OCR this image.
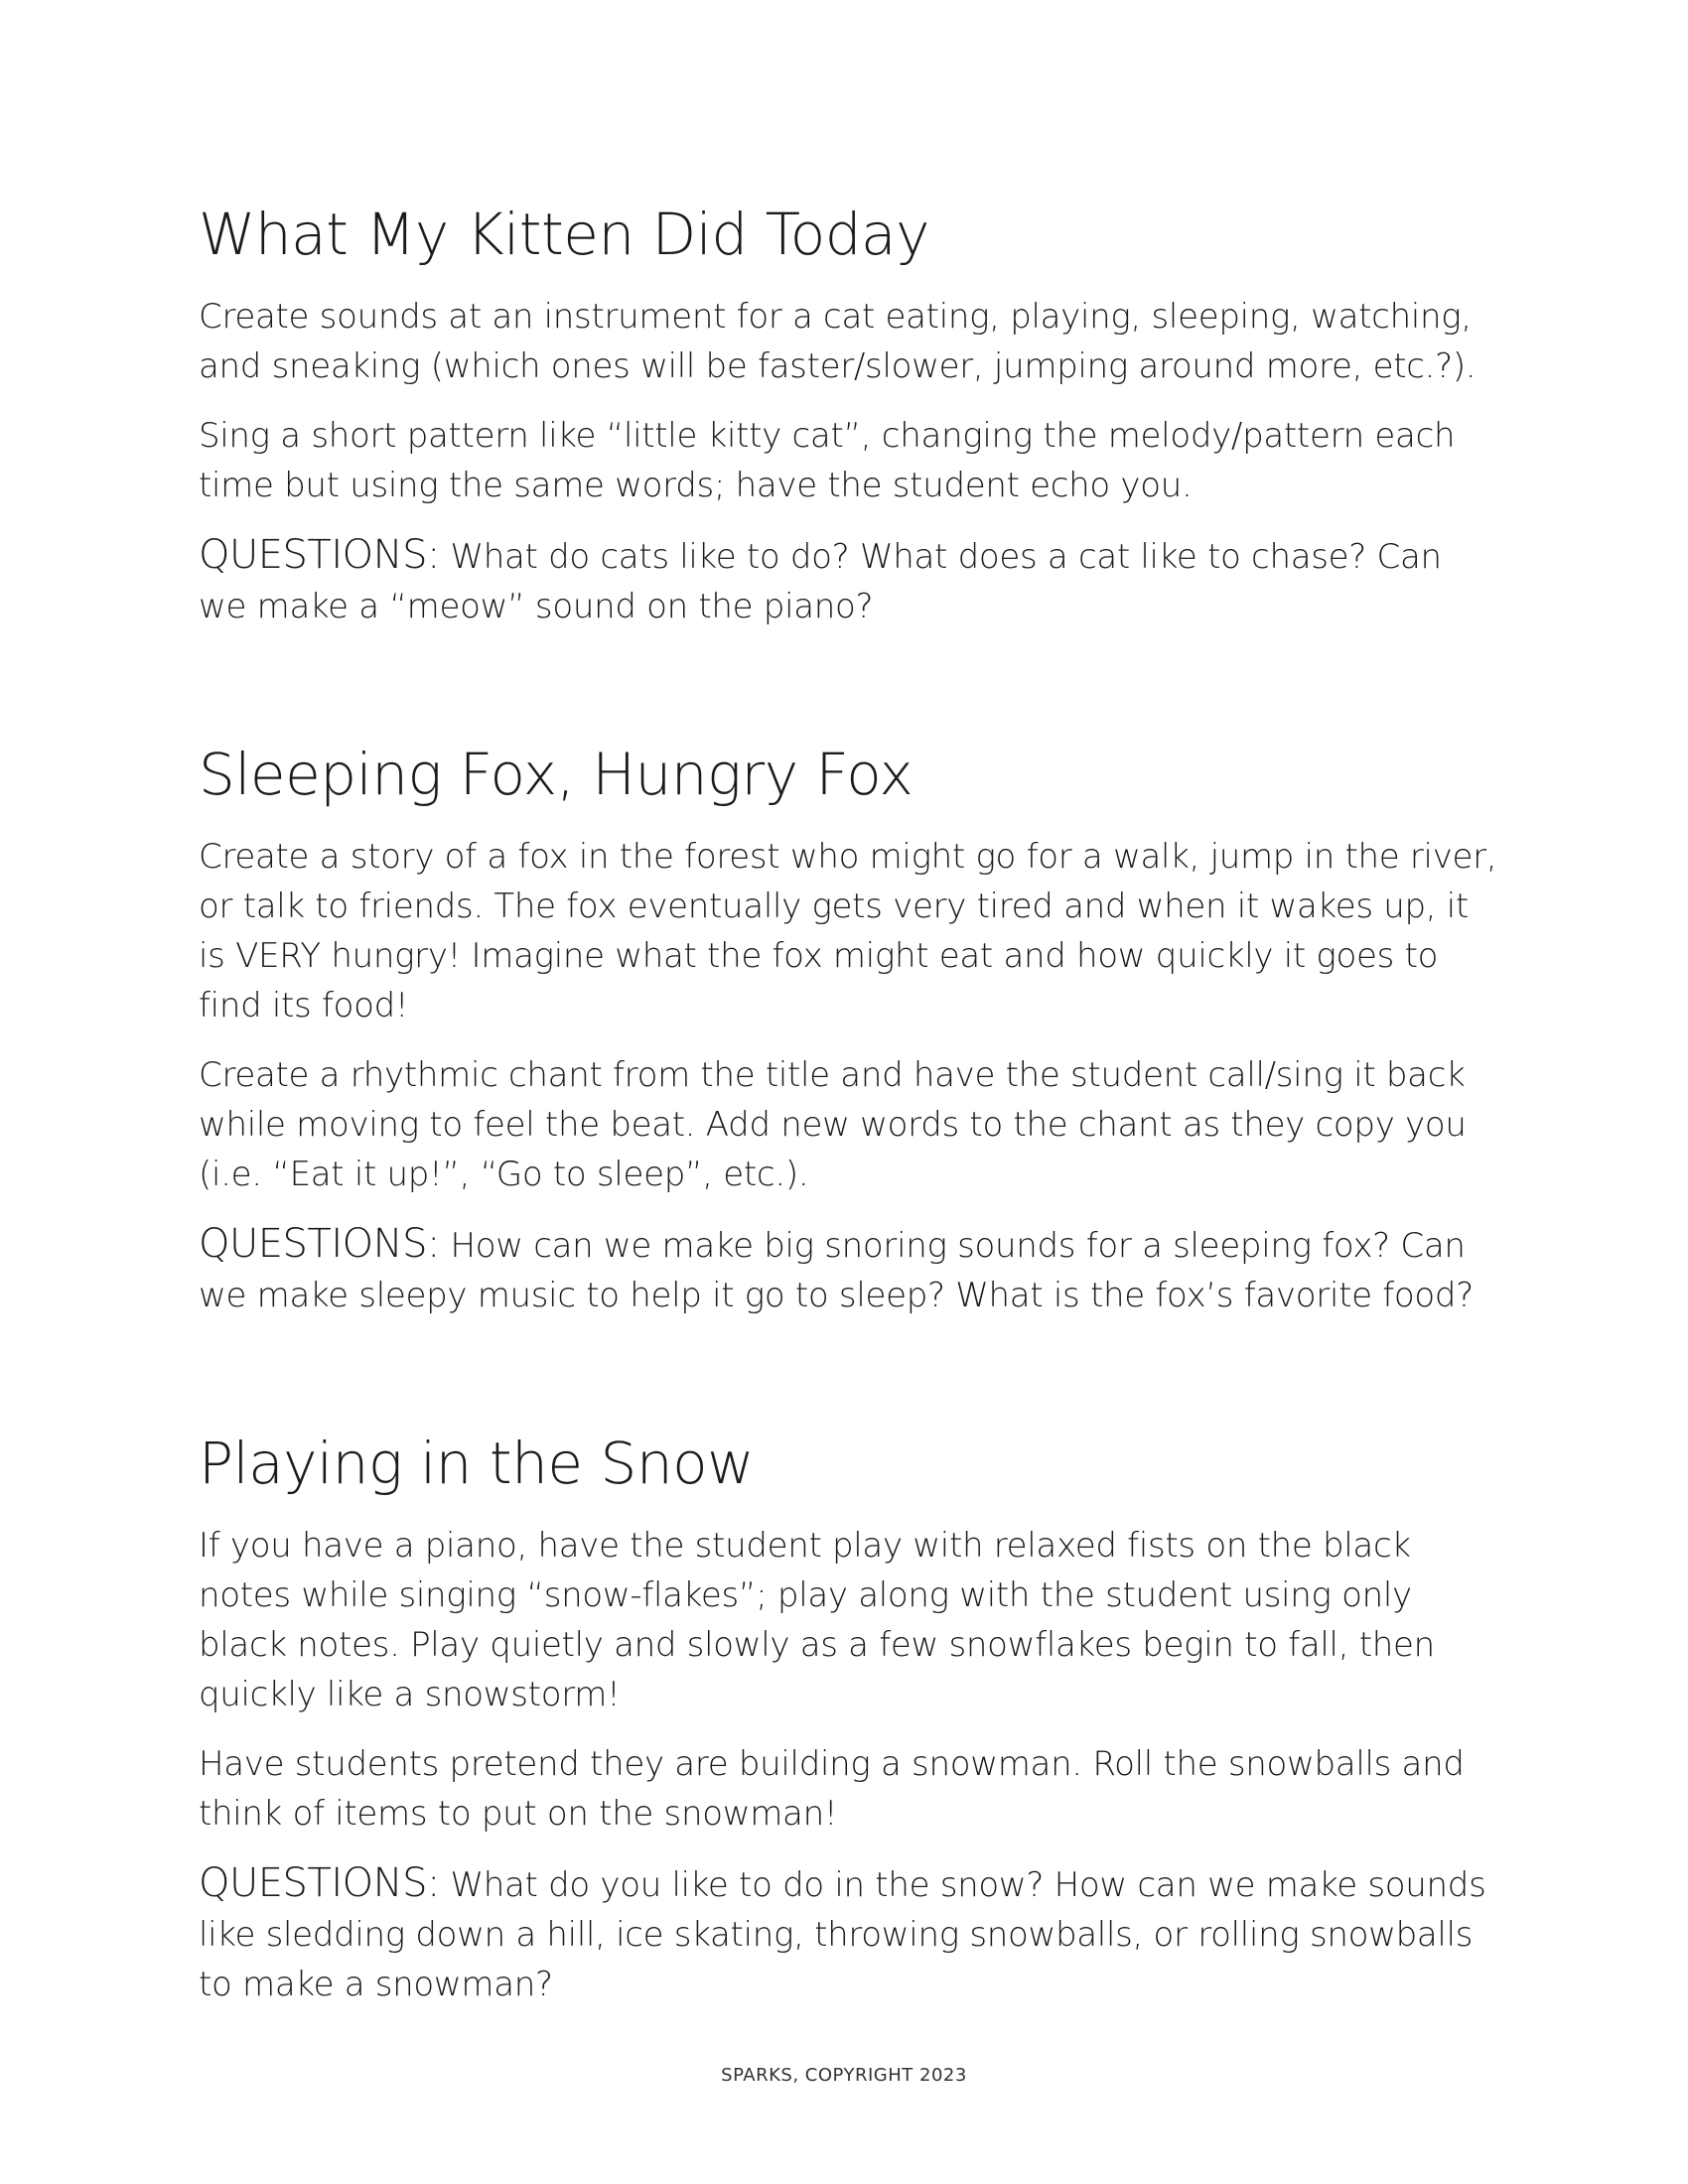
What My Kitten Did Today

Create sounds at an instrument for a cat eating, playing, sleeping, watching, and sneaking (which ones will be faster/slower, jumping around more, etc.?).

Sing a short pattern like “little kitty cat”, changing the melody/pattern each time but using the same words; have the student echo you.

QUESTIONS: What do cats like to do? What does a cat like to chase? Can we make a “meow” sound on the piano?

Sleeping Fox, Hungry Fox

Create a story of a fox in the forest who might go for a walk, jump in the river, or talk to friends. The fox eventually gets very tired and when it wakes up, it is VERY hungry! Imagine what the fox might eat and how quickly it goes to find its food!

Create a rhythmic chant from the title and have the student call/sing it back while moving to feel the beat. Add new words to the chant as they copy you (i.e. “Eat it up!”, “Go to sleep”, etc.).

QUESTIONS: How can we make big snoring sounds for a sleeping fox? Can we make sleepy music to help it go to sleep? What is the fox’s favorite food?

Playing in the Snow

If you have a piano, have the student play with relaxed fists on the black notes while singing “snow-flakes”; play along with the student using only black notes. Play quietly and slowly as a few snowflakes begin to fall, then quickly like a snowstorm!

Have students pretend they are building a snowman. Roll the snowballs and think of items to put on the snowman!

QUESTIONS: What do you like to do in the snow? How can we make sounds like sledding down a hill, ice skating, throwing snowballs, or rolling snowballs to make a snowman?

SPARKS, COPYRIGHT 2023
